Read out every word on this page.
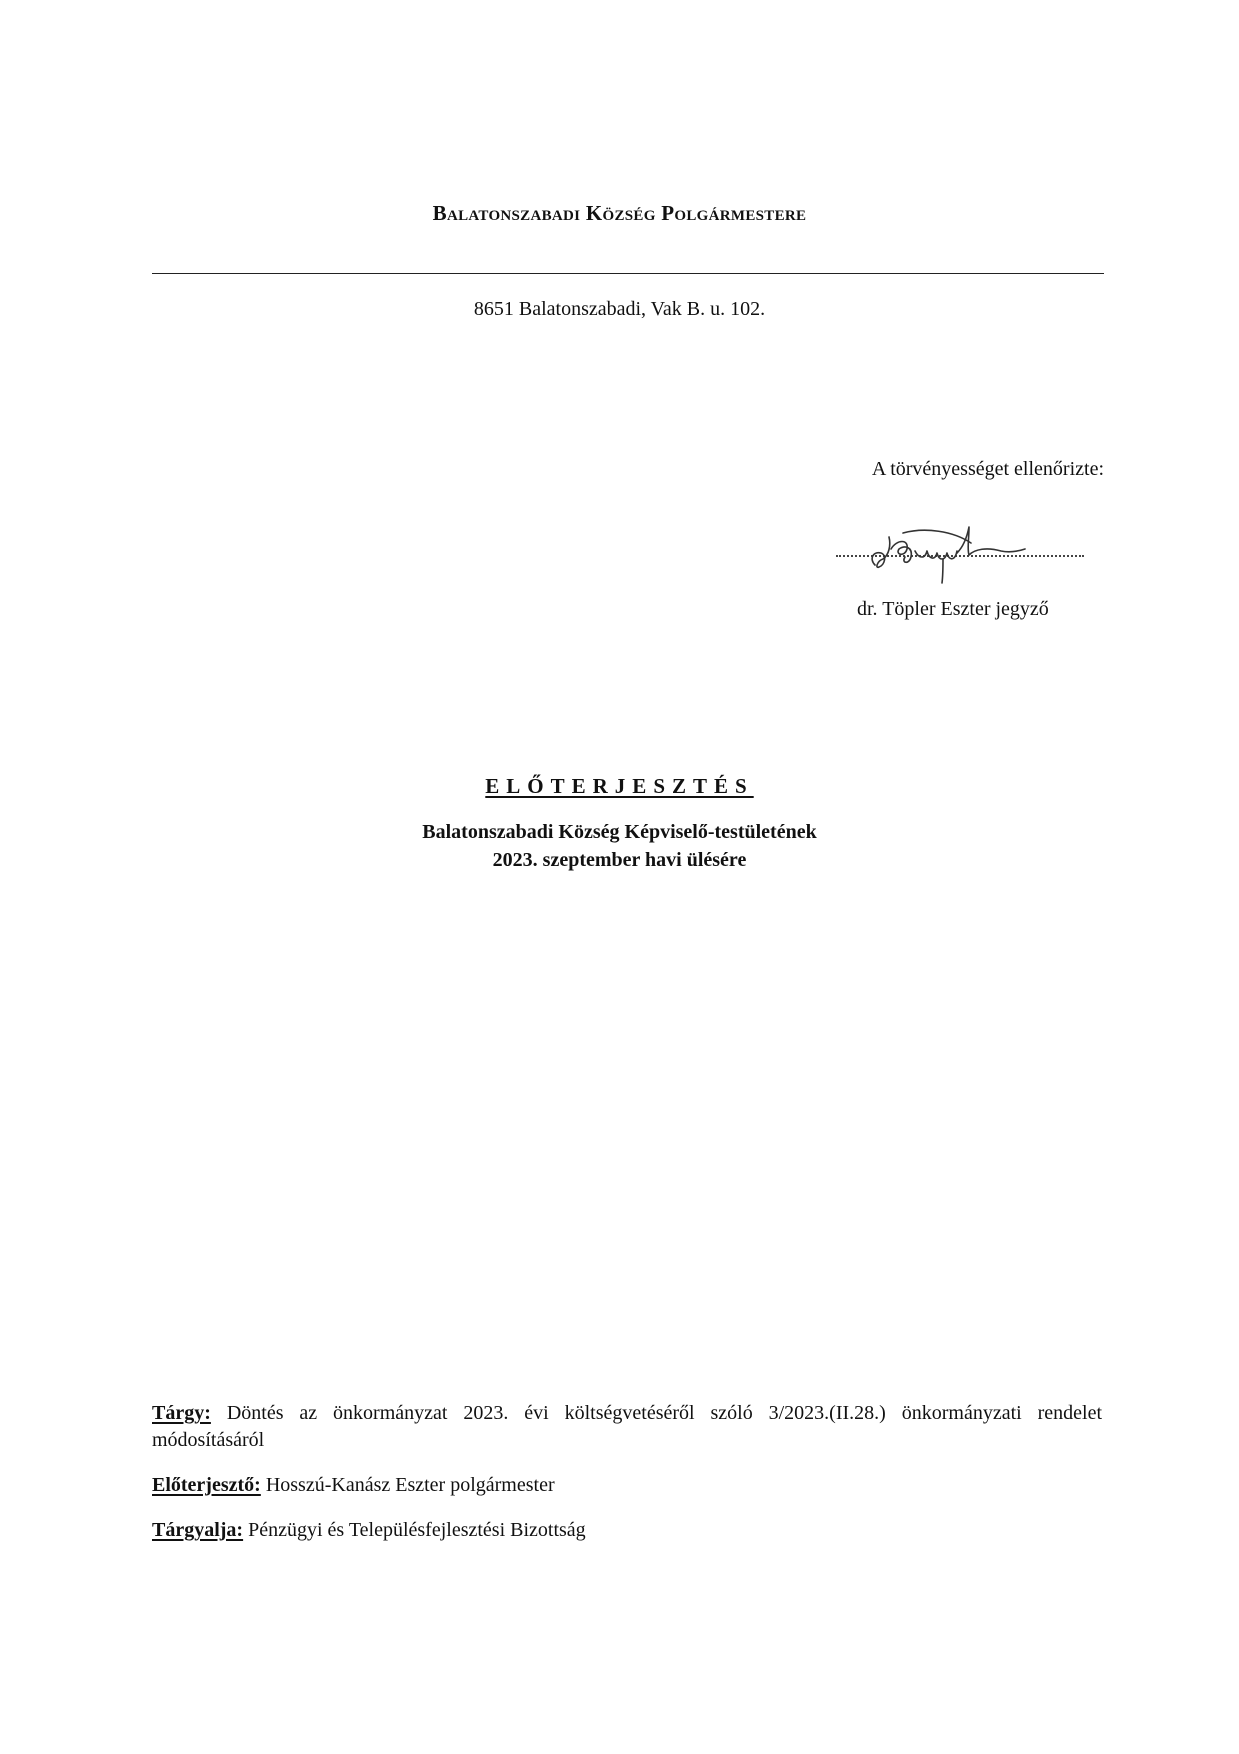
Balatonszabadi Község Polgármestere
8651 Balatonszabadi, Vak B. u. 102.
A törvényességet ellenőrizte:
dr. Töpler Eszter jegyző
ELŐTERJESZTÉS
Balatonszabadi Község Képviselő-testületének
2023. szeptember havi ülésére

Tárgy: Döntés az önkormányzat 2023. évi költségvetéséről szóló 3/2023.(II.28.) önkormányzati rendelet módosításáról

Előterjesztő: Hosszú-Kanász Eszter polgármester

Tárgyalja: Pénzügyi és Településfejlesztési Bizottság
